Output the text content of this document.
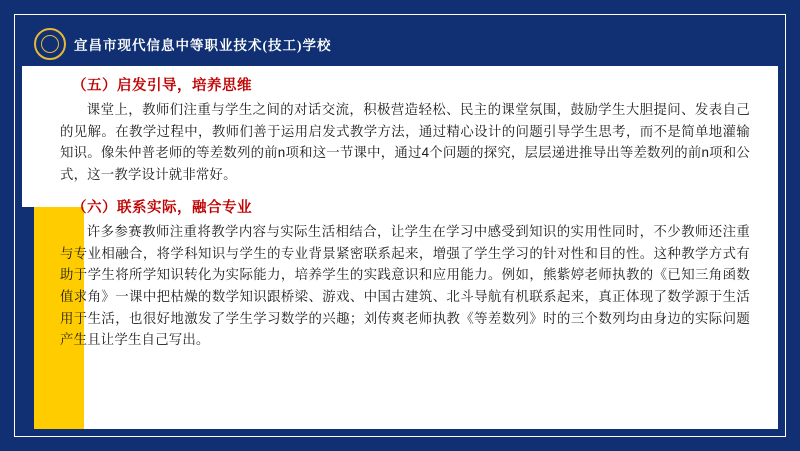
宜昌市现代信息中等职业技术(技工)学校

（五）启发引导，培养思维

课堂上，教师们注重与学生之间的对话交流，积极营造轻松、民主的课堂氛围，鼓励学生大胆提问、发表自己的见解。在教学过程中，教师们善于运用启发式教学方法，通过精心设计的问题引导学生思考，而不是简单地灌输知识。像朱仲普老师的等差数列的前n项和这一节课中，通过4个问题的探究，层层递进推导出等差数列的前n项和公式，这一教学设计就非常好。

（六）联系实际，融合专业

许多参赛教师注重将教学内容与实际生活相结合，让学生在学习中感受到知识的实用性同时，不少教师还注重与专业相融合，将学科知识与学生的专业背景紧密联系起来，增强了学生学习的针对性和目的性。这种教学方式有助于学生将所学知识转化为实际能力，培养学生的实践意识和应用能力。例如，熊紫婷老师执教的《已知三角函数值求角》一课中把枯燥的数学知识跟桥梁、游戏、中国古建筑、北斗导航有机联系起来，真正体现了数学源于生活用于生活，也很好地激发了学生学习数学的兴趣；刘传爽老师执教《等差数列》时的三个数列均由身边的实际问题产生且让学生自己写出。
